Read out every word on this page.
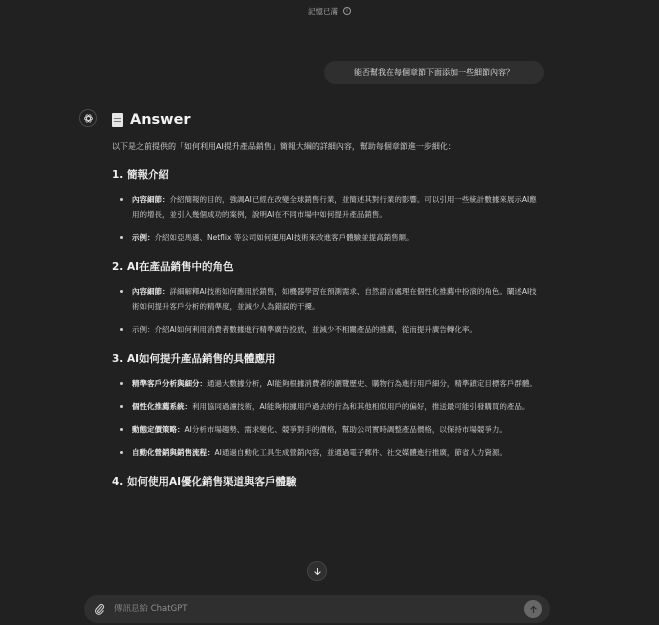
記憶已滿	i
能否幫我在每個章節下面添加一些細節內容？
Answer

以下是之前提供的「如何利用AI提升產品銷售」簡報大綱的詳細內容，幫助每個章節進一步細化：

1. 簡報介紹
內容細節：介紹簡報的目的，強調AI已經在改變全球銷售行業，並簡述其對行業的影響。可以引用一些統計數據來展示AI應用的增長，並引入幾個成功的案例，說明AI在不同市場中如何提升產品銷售。
示例：介紹如亞馬遜、Netflix 等公司如何運用AI技術來改進客戶體驗並提高銷售額。
2. AI在產品銷售中的角色
內容細節：詳細解釋AI技術如何應用於銷售，如機器學習在預測需求、自然語言處理在個性化推薦中扮演的角色。闡述AI技術如何提升客戶分析的精準度，並減少人為錯誤的干擾。
示例：介紹AI如何利用消費者數據進行精準廣告投放，並減少不相關產品的推薦，從而提升廣告轉化率。
3. AI如何提升產品銷售的具體應用
精準客戶分析與細分：通過大數據分析，AI能夠根據消費者的瀏覽歷史、購物行為進行用戶細分，精準鎖定目標客戶群體。
個性化推薦系統：利用協同過濾技術，AI能夠根據用戶過去的行為和其他相似用戶的偏好，推送最可能引發購買的產品。
動態定價策略：AI分析市場趨勢、需求變化、競爭對手的價格，幫助公司實時調整產品價格，以保持市場競爭力。
自動化營銷與銷售流程：AI通過自動化工具生成營銷內容，並通過電子郵件、社交媒體進行推廣，節省人力資源。
4. 如何使用AI優化銷售渠道與客戶體驗
傳訊息給 ChatGPT
